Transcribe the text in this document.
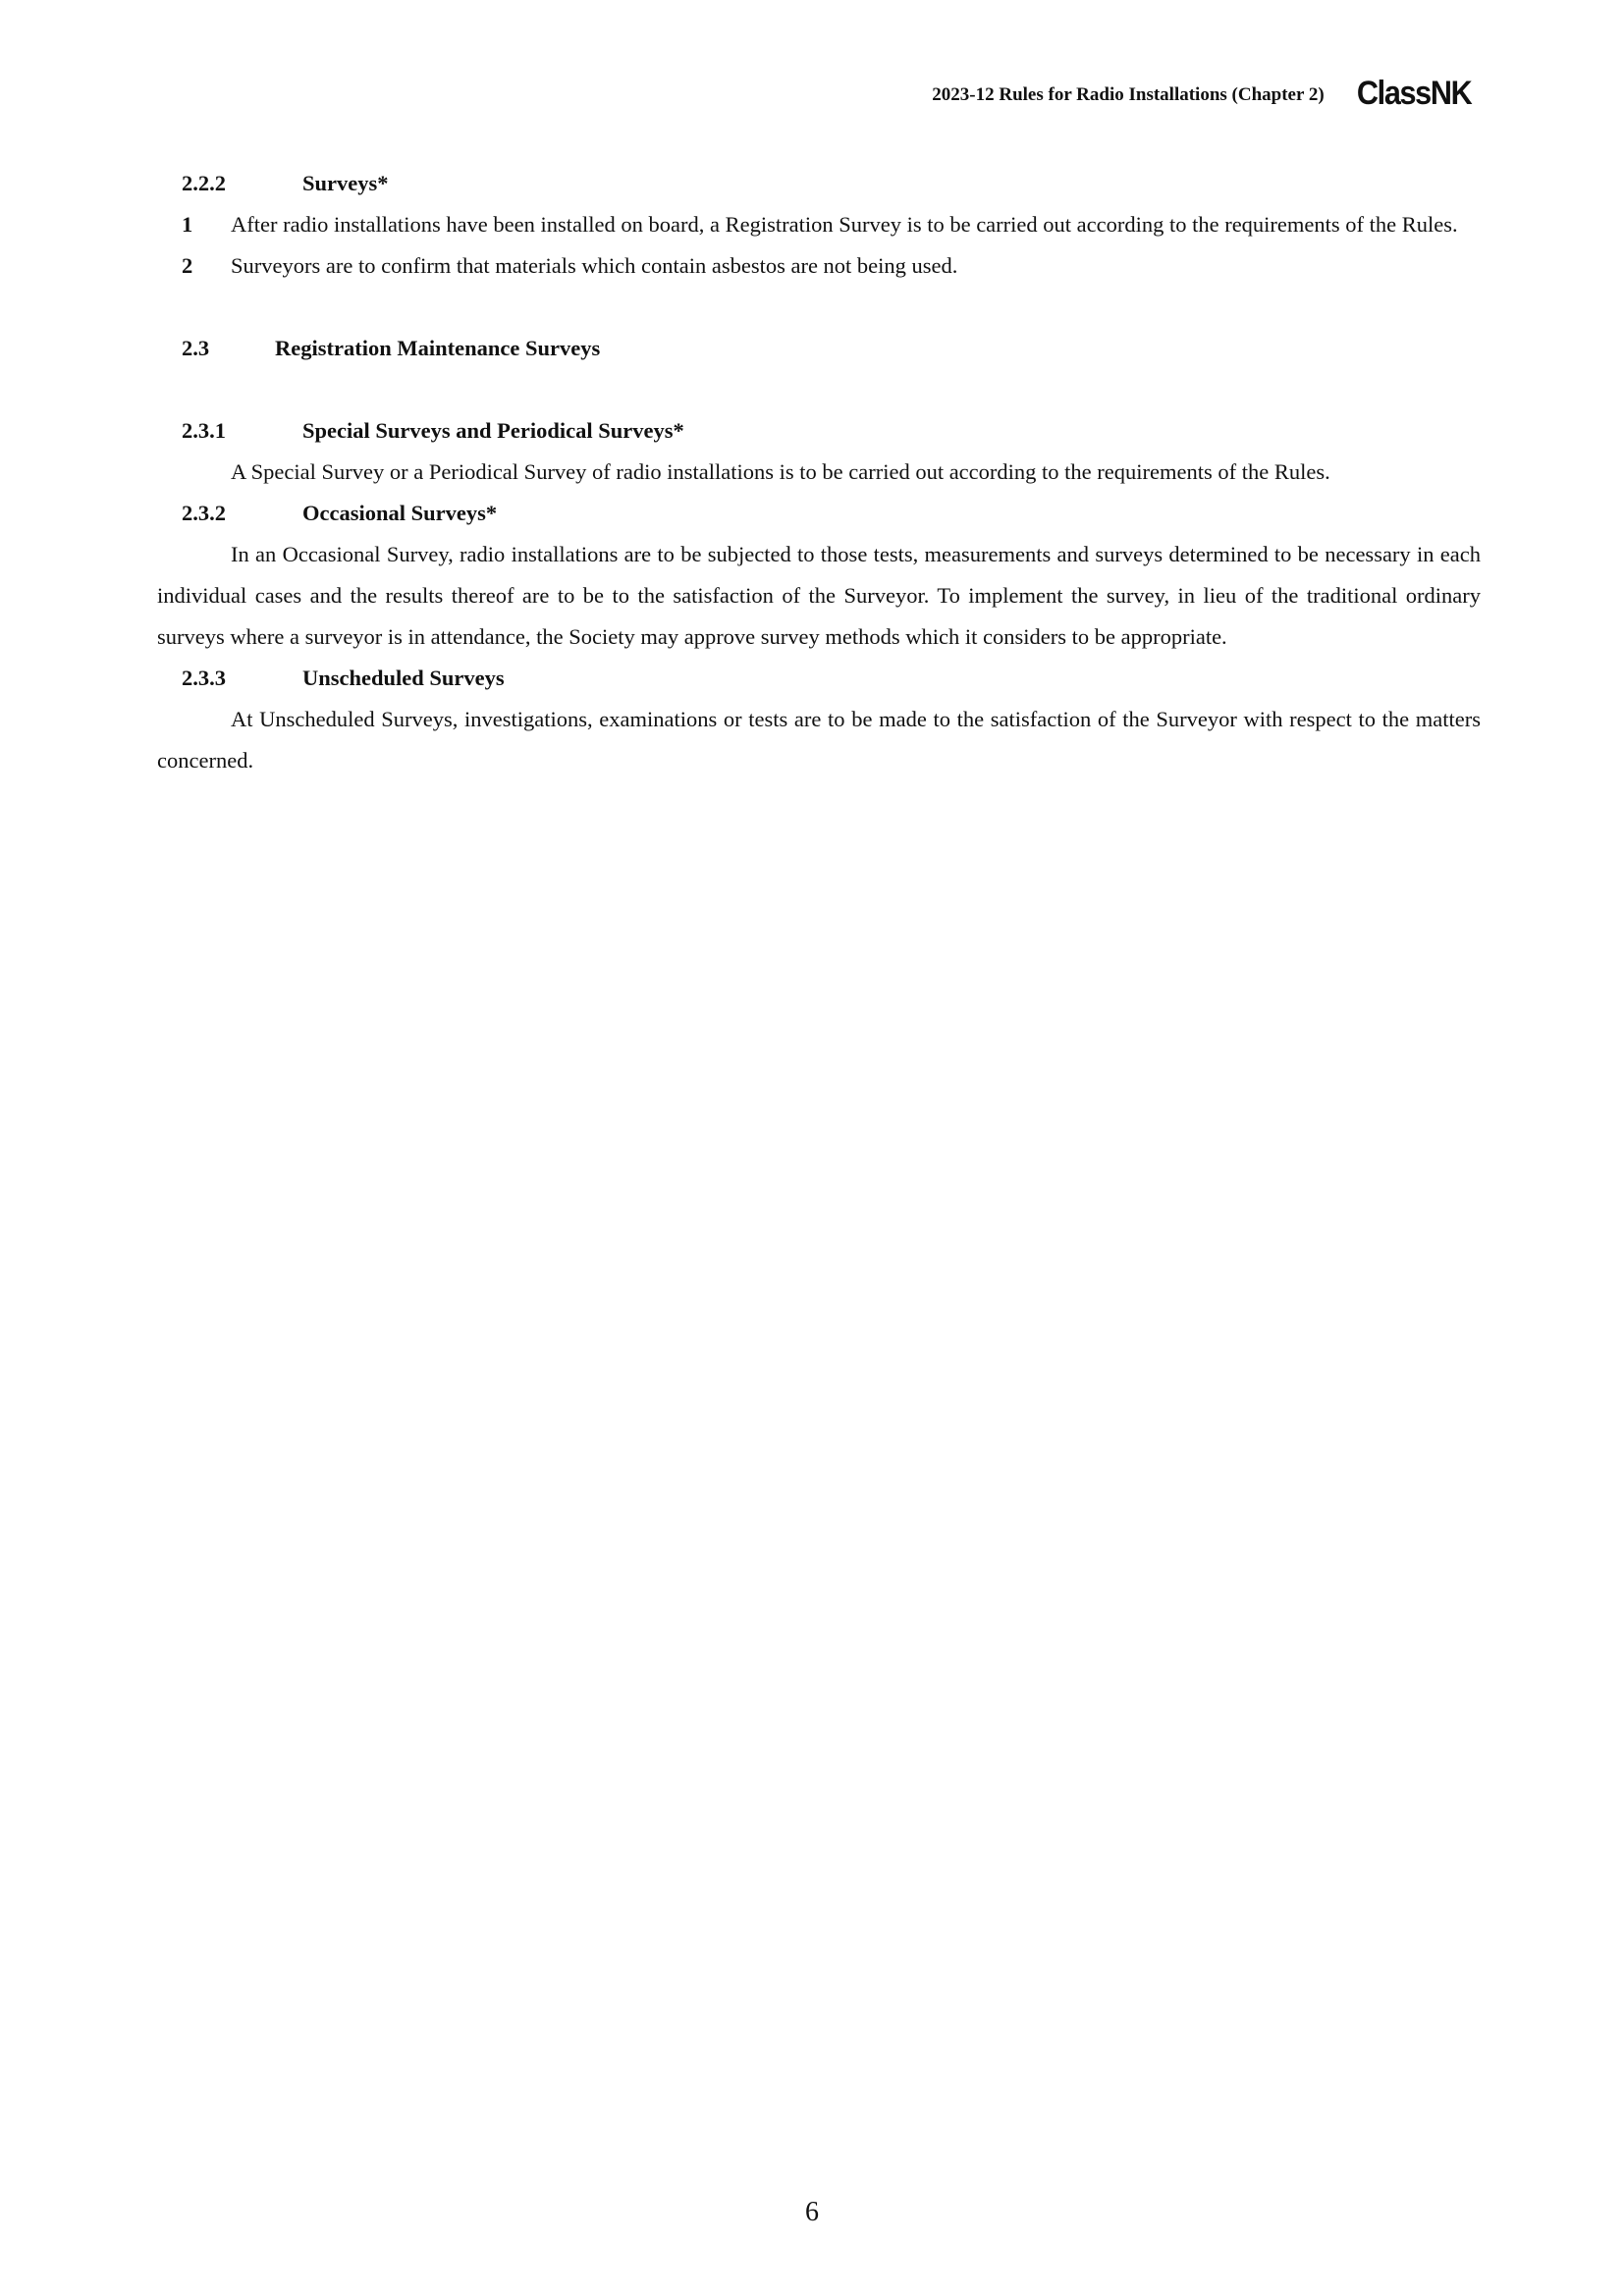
2023-12 Rules for Radio Installations (Chapter 2) ClassNK
2.2.2	Surveys*
1 After radio installations have been installed on board, a Registration Survey is to be carried out according to the requirements of the Rules.
2 Surveyors are to confirm that materials which contain asbestos are not being used.
2.3	Registration Maintenance Surveys
2.3.1	Special Surveys and Periodical Surveys*
A Special Survey or a Periodical Survey of radio installations is to be carried out according to the requirements of the Rules.
2.3.2	Occasional Surveys*
In an Occasional Survey, radio installations are to be subjected to those tests, measurements and surveys determined to be necessary in each individual cases and the results thereof are to be to the satisfaction of the Surveyor. To implement the survey, in lieu of the traditional ordinary surveys where a surveyor is in attendance, the Society may approve survey methods which it considers to be appropriate.
2.3.3	Unscheduled Surveys
At Unscheduled Surveys, investigations, examinations or tests are to be made to the satisfaction of the Surveyor with respect to the matters concerned.
6
